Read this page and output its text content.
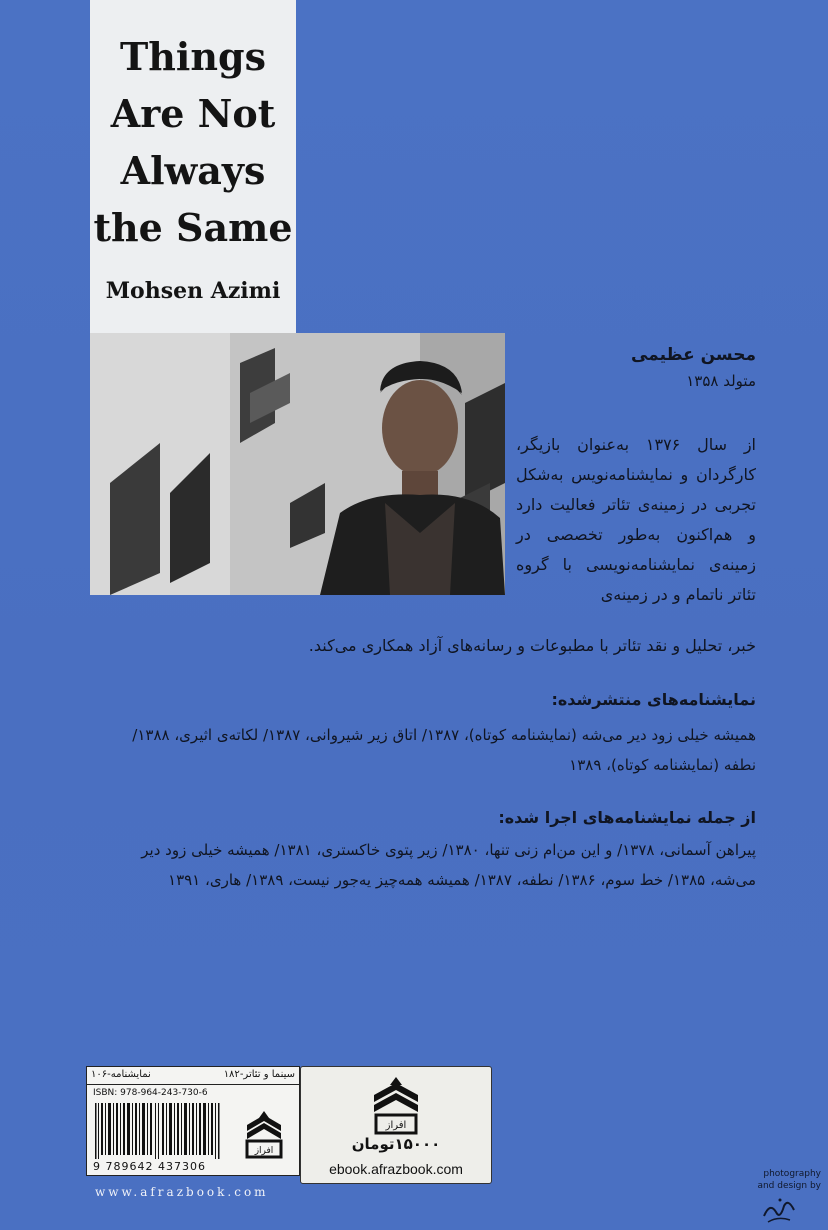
Things
Are Not
Always
the Same
Mohsen Azimi
محسن عظیمی
متولد ۱۳۵۸
از سال ۱۳۷۶ به‌عنوان بازیگر، کارگردان و نمایشنامه‌نویس به‌شکل تجربی در زمینه‌ی تئاتر فعالیت دارد و هم‌اکنون به‌طور تخصصی در زمینه‌ی نمایشنامه‌نویسی با گروه تئاتر ناتمام و در زمینه‌ی
خبر، تحلیل و نقد تئاتر با مطبوعات و رسانه‌های آزاد همکاری می‌کند.
نمایشنامه‌های منتشرشده:
همیشه خیلی زود دیر می‌شه (نمایشنامه کوتاه)، ۱۳۸۷/ اتاق زیر شیروانی، ۱۳۸۷/ لکاته‌ی اثیری، ۱۳۸۸/ نطفه (نمایشنامه کوتاه)، ۱۳۸۹
از جمله نمایشنامه‌های اجرا شده:
پیراهن آسمانی، ۱۳۷۸/ و این من‌ام زنی تنها، ۱۳۸۰/ زیر پتوی خاکستری، ۱۳۸۱/ همیشه خیلی زود دیر می‌شه، ۱۳۸۵/ خط سوم، ۱۳۸۶/ نطفه، ۱۳۸۷/ همیشه همه‌چیز یه‌جور نیست، ۱۳۸۹/ هاری، ۱۳۹۱
سینما و تئاتر-۱۸۲
نمایشنامه-۱۰۶
ISBN: 978-964-243-730-6
9 789642 437306
افراز
افراز
۱۵۰۰۰تومان
ebook.afrazbook.com
www.afrazbook.com
photography
and design by
